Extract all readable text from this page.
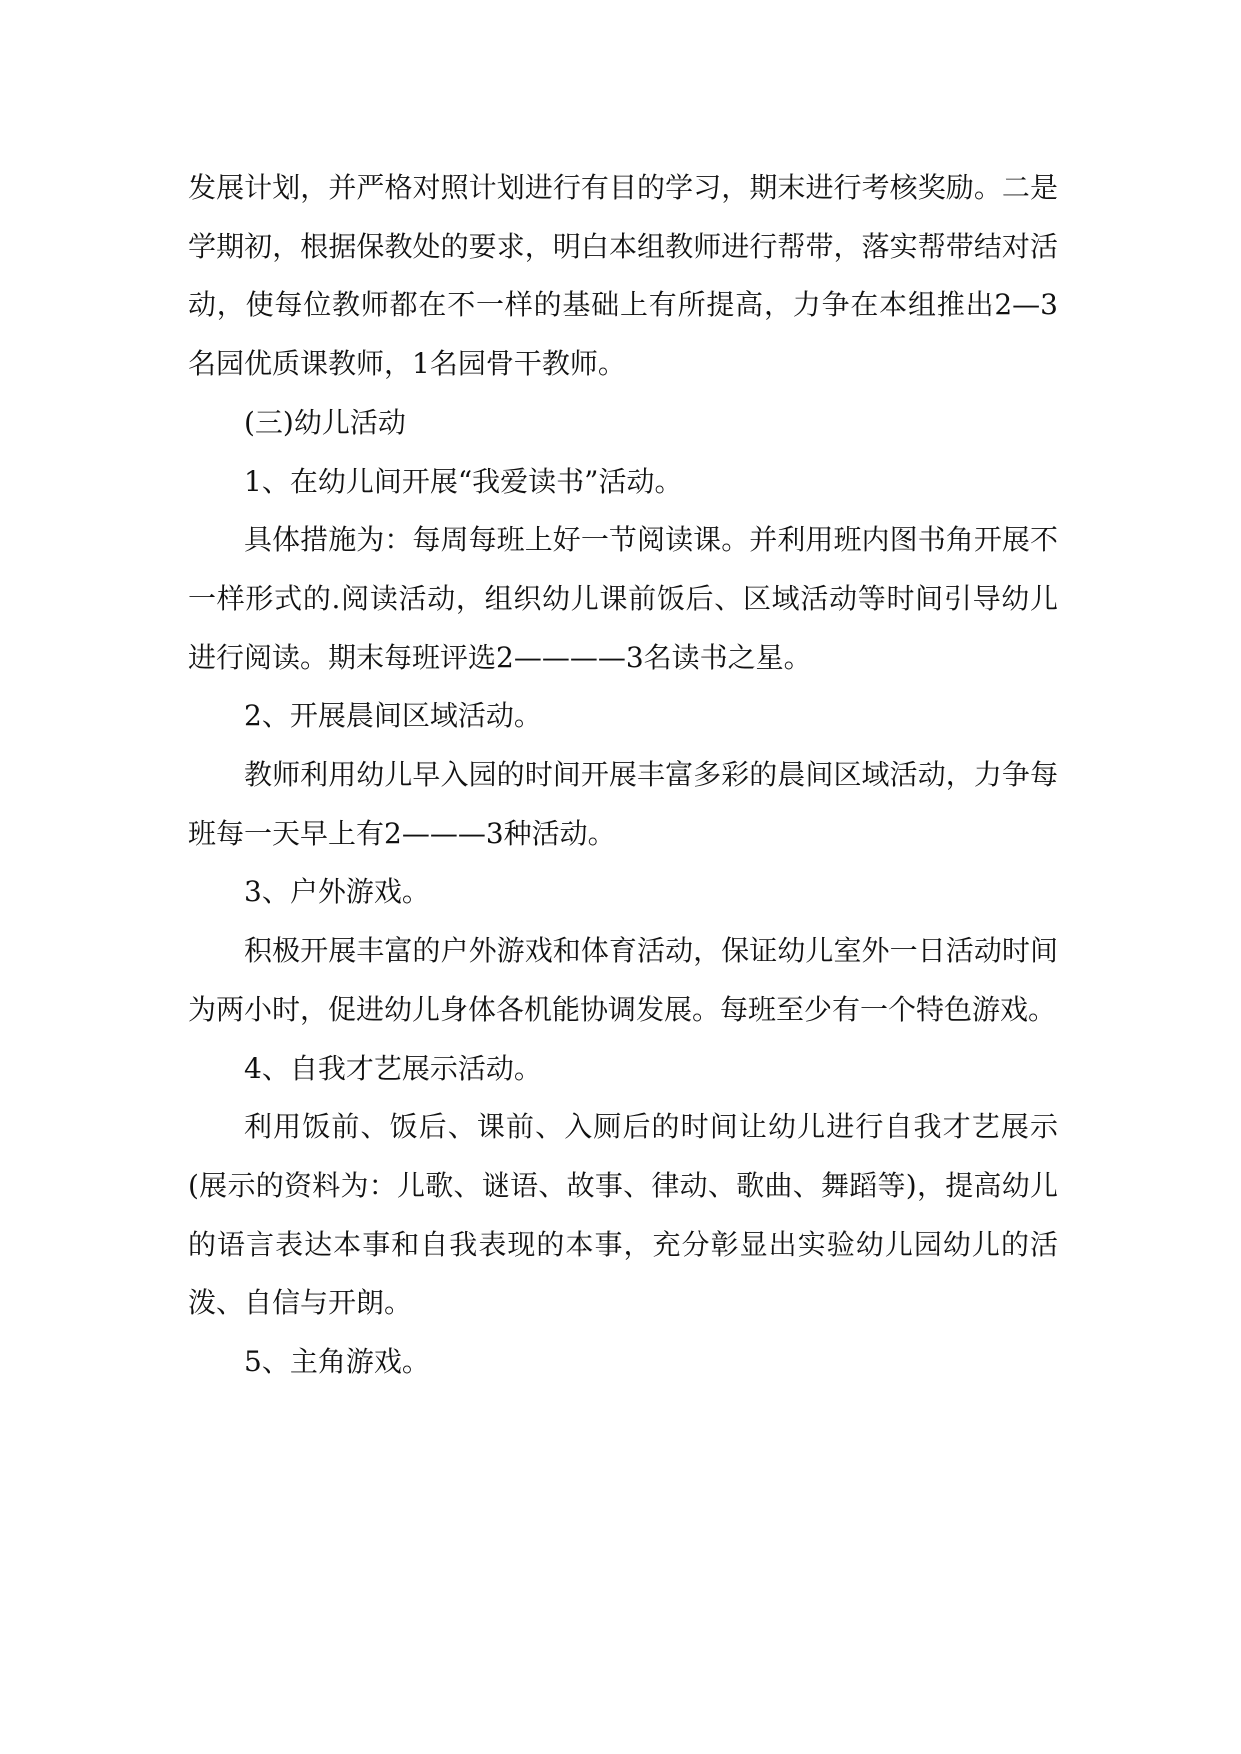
发展计划，并严格对照计划进行有目的学习，期末进行考核奖励。二是学期初，根据保教处的要求，明白本组教师进行帮带，落实帮带结对活动，使每位教师都在不一样的基础上有所提高，力争在本组推出2—3名园优质课教师，1名园骨干教师。

(三)幼儿活动

1、在幼儿间开展“我爱读书”活动。

具体措施为：每周每班上好一节阅读课。并利用班内图书角开展不一样形式的.阅读活动，组织幼儿课前饭后、区域活动等时间引导幼儿进行阅读。期末每班评选2————3名读书之星。

2、开展晨间区域活动。

教师利用幼儿早入园的时间开展丰富多彩的晨间区域活动，力争每班每一天早上有2———3种活动。

3、户外游戏。

积极开展丰富的户外游戏和体育活动，保证幼儿室外一日活动时间为两小时，促进幼儿身体各机能协调发展。每班至少有一个特色游戏。

4、自我才艺展示活动。

利用饭前、饭后、课前、入厕后的时间让幼儿进行自我才艺展示(展示的资料为：儿歌、谜语、故事、律动、歌曲、舞蹈等)，提高幼儿的语言表达本事和自我表现的本事，充分彰显出实验幼儿园幼儿的活泼、自信与开朗。

5、主角游戏。
